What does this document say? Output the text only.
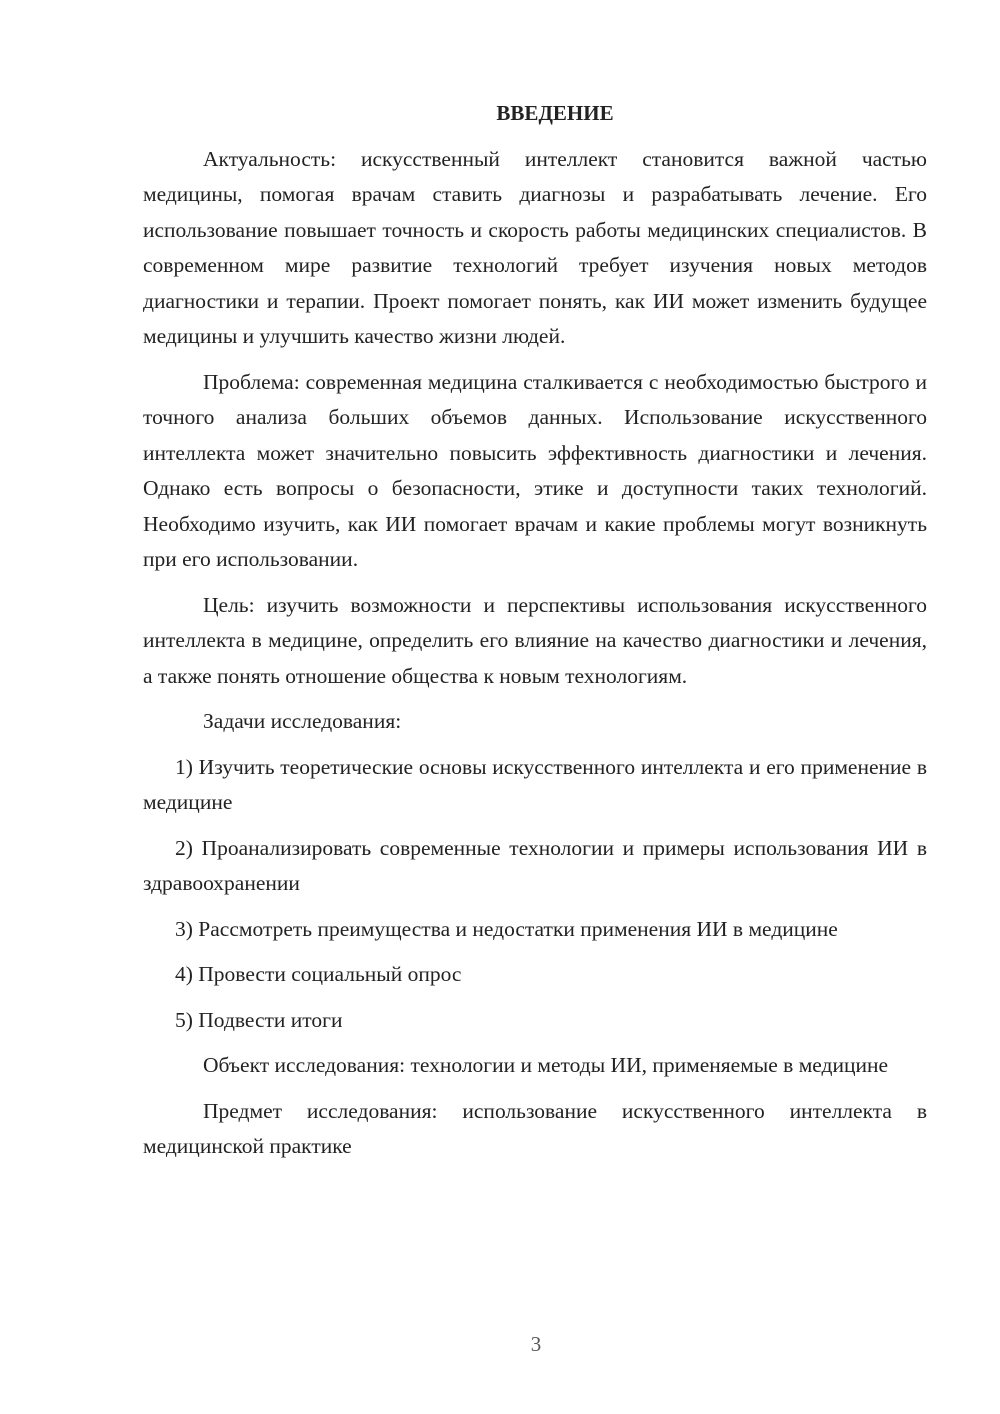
ВВЕДЕНИЕ

Актуальность: искусственный интеллект становится важной частью медицины, помогая врачам ставить диагнозы и разрабатывать лечение. Его использование повышает точность и скорость работы медицинских специалистов. В современном мире развитие технологий требует изучения новых методов диагностики и терапии. Проект помогает понять, как ИИ может изменить будущее медицины и улучшить качество жизни людей.

Проблема: современная медицина сталкивается с необходимостью быстрого и точного анализа больших объемов данных. Использование искусственного интеллекта может значительно повысить эффективность диагностики и лечения. Однако есть вопросы о безопасности, этике и доступности таких технологий. Необходимо изучить, как ИИ помогает врачам и какие проблемы могут возникнуть при его использовании.

Цель: изучить возможности и перспективы использования искусственного интеллекта в медицине, определить его влияние на качество диагностики и лечения, а также понять отношение общества к новым технологиям.

Задачи исследования:

1) Изучить теоретические основы искусственного интеллекта и его применение в медицине

2) Проанализировать современные технологии и примеры использования ИИ в здравоохранении

3) Рассмотреть преимущества и недостатки применения ИИ в медицине

4) Провести социальный опрос

5) Подвести итоги

Объект исследования: технологии и методы ИИ, применяемые в медицине

Предмет исследования: использование искусственного интеллекта в медицинской практике

3
